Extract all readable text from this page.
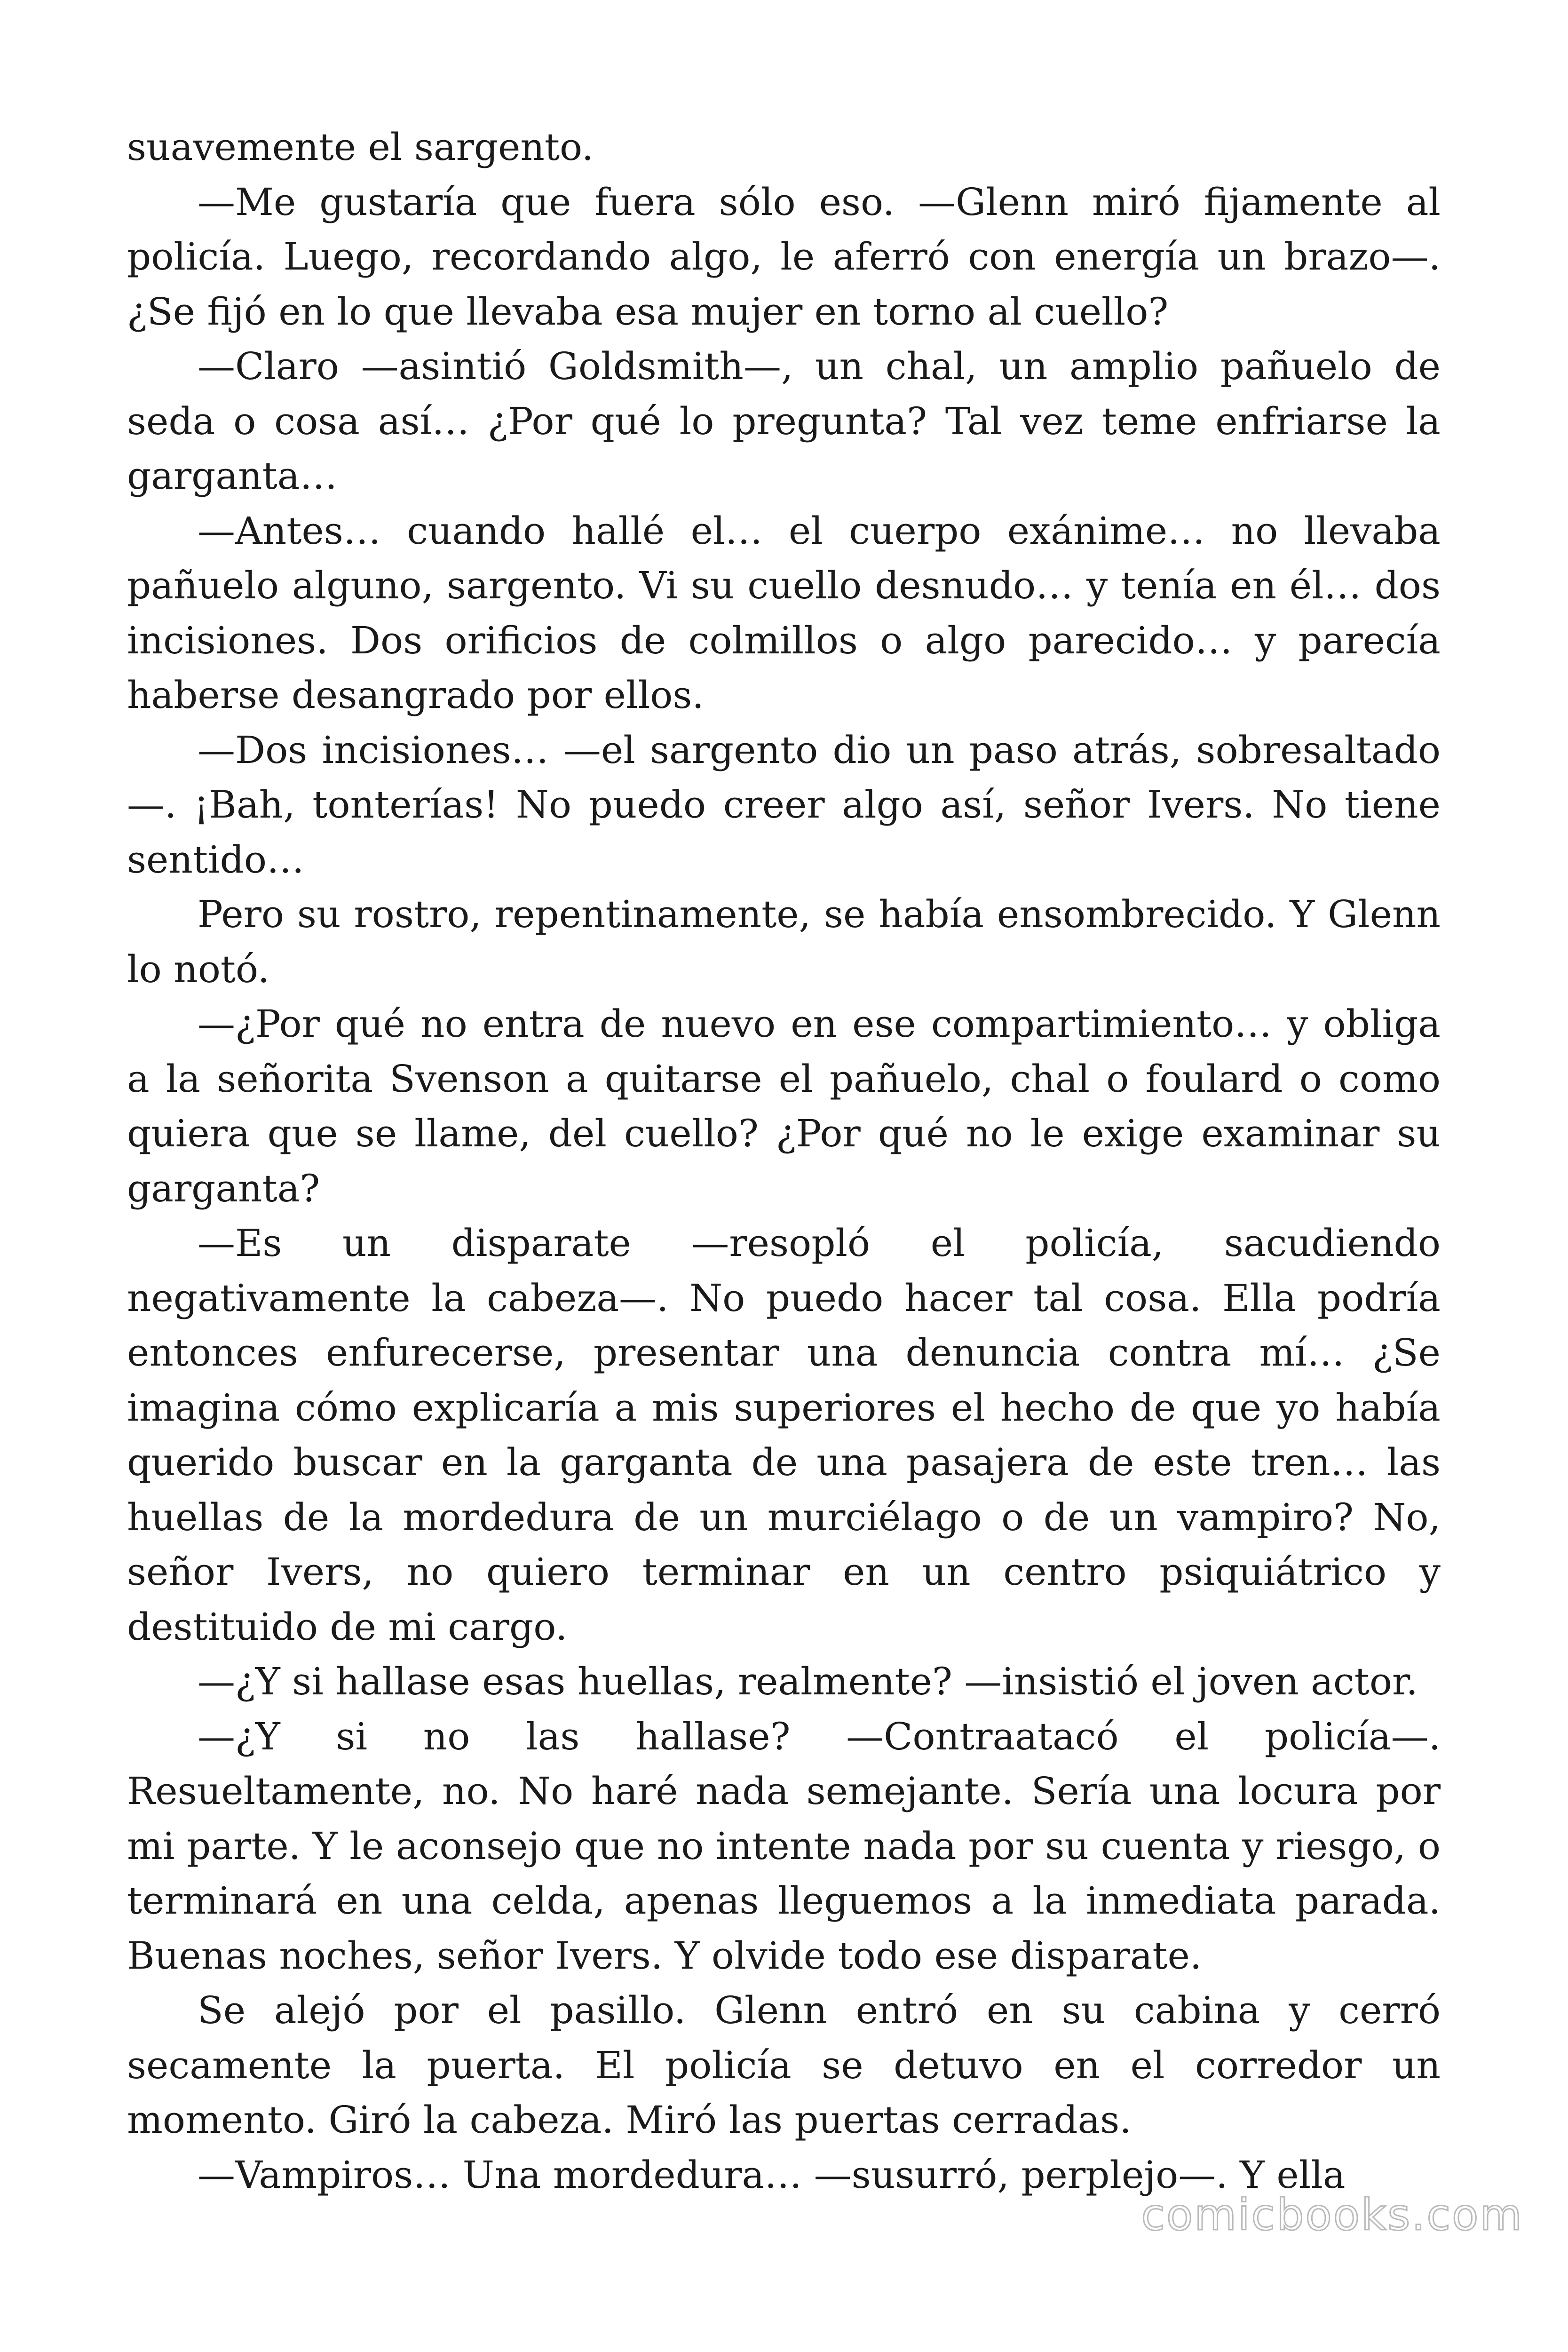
suavemente el sargento.

—Me gustaría que fuera sólo eso. —Glenn miró fijamente al policía. Luego, recordando algo, le aferró con energía un brazo—. ¿Se fijó en lo que llevaba esa mujer en torno al cuello?

—Claro —asintió Goldsmith—, un chal, un amplio pañuelo de seda o cosa así… ¿Por qué lo pregunta? Tal vez teme enfriarse la garganta…

—Antes… cuando hallé el… el cuerpo exánime… no llevaba pañuelo alguno, sargento. Vi su cuello desnudo… y tenía en él… dos incisiones. Dos orificios de colmillos o algo parecido… y parecía haberse desangrado por ellos.

—Dos incisiones… —el sargento dio un paso atrás, sobresaltado —. ¡Bah, tonterías! No puedo creer algo así, señor Ivers. No tiene sentido…

Pero su rostro, repentinamente, se había ensombrecido. Y Glenn lo notó.

—¿Por qué no entra de nuevo en ese compartimiento… y obliga a la señorita Svenson a quitarse el pañuelo, chal o foulard o como quiera que se llame, del cuello? ¿Por qué no le exige examinar su garganta?

—Es un disparate —resopló el policía, sacudiendo negativamente la cabeza—. No puedo hacer tal cosa. Ella podría entonces enfurecerse, presentar una denuncia contra mí… ¿Se imagina cómo explicaría a mis superiores el hecho de que yo había querido buscar en la garganta de una pasajera de este tren… las huellas de la mordedura de un murciélago o de un vampiro? No, señor Ivers, no quiero terminar en un centro psiquiátrico y destituido de mi cargo.

—¿Y si hallase esas huellas, realmente? —insistió el joven actor.

—¿Y si no las hallase? —Contraatacó el policía—. Resueltamente, no. No haré nada semejante. Sería una locura por mi parte. Y le aconsejo que no intente nada por su cuenta y riesgo, o terminará en una celda, apenas lleguemos a la inmediata parada. Buenas noches, señor Ivers. Y olvide todo ese disparate.

Se alejó por el pasillo. Glenn entró en su cabina y cerró secamente la puerta. El policía se detuvo en el corredor un momento. Giró la cabeza. Miró las puertas cerradas.

—Vampiros… Una mordedura… —susurró, perplejo—. Y ella

comicbooks.com
